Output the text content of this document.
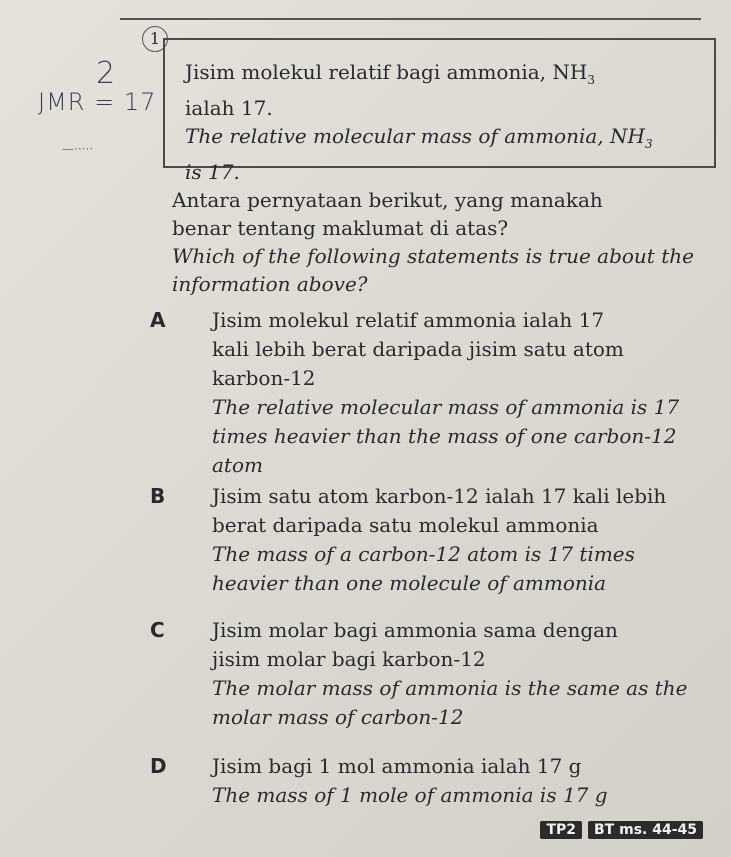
1
2
JMR = 17
—·····
Jisim molekul relatif bagi ammonia, $NH_3$
ialah 17.
The relative molecular mass of ammonia, $NH_3$
is 17.
Antara pernyataan berikut, yang manakah
benar tentang maklumat di atas?
Which of the following statements is true about the
information above?
A Jisim molekul relatif ammonia ialah 17
kali lebih berat daripada jisim satu atom
karbon-12
The relative molecular mass of ammonia is 17
times heavier than the mass of one carbon-12
atom
B Jisim satu atom karbon-12 ialah 17 kali lebih
berat daripada satu molekul ammonia
The mass of a carbon-12 atom is 17 times
heavier than one molecule of ammonia
C Jisim molar bagi ammonia sama dengan
jisim molar bagi karbon-12
The molar mass of ammonia is the same as the
molar mass of carbon-12
D Jisim bagi 1 mol ammonia ialah 17 g
The mass of 1 mole of ammonia is 17 g
TP2	BT ms. 44-45
